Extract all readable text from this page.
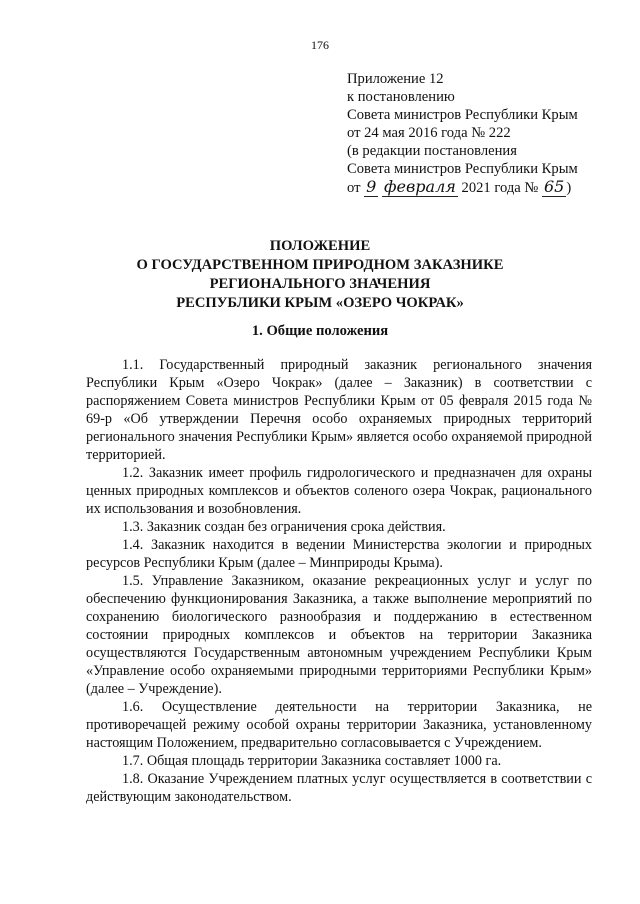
176
Приложение 12
к постановлению
Совета министров Республики Крым
от 24 мая 2016 года № 222
(в редакции постановления
Совета министров Республики Крым
от 9 февраля 2021 года № 65 )
ПОЛОЖЕНИЕ
О ГОСУДАРСТВЕННОМ ПРИРОДНОМ ЗАКАЗНИКЕ
РЕГИОНАЛЬНОГО ЗНАЧЕНИЯ
РЕСПУБЛИКИ КРЫМ «ОЗЕРО ЧОКРАК»
1. Общие положения

1.1. Государственный природный заказник регионального значения Республики Крым «Озеро Чокрак» (далее – Заказник) в соответствии с распоряжением Совета министров Республики Крым от 05 февраля 2015 года № 69-р «Об утверждении Перечня особо охраняемых природных территорий регионального значения Республики Крым» является особо охраняемой природной территорией.

1.2. Заказник имеет профиль гидрологического и предназначен для охраны ценных природных комплексов и объектов соленого озера Чокрак, рационального их использования и возобновления.

1.3. Заказник создан без ограничения срока действия.

1.4. Заказник находится в ведении Министерства экологии и природных ресурсов Республики Крым (далее – Минприроды Крыма).

1.5. Управление Заказником, оказание рекреационных услуг и услуг по обеспечению функционирования Заказника, а также выполнение мероприятий по сохранению биологического разнообразия и поддержанию в естественном состоянии природных комплексов и объектов на территории Заказника осуществляются Государственным автономным учреждением Республики Крым «Управление особо охраняемыми природными территориями Республики Крым» (далее – Учреждение).

1.6. Осуществление деятельности на территории Заказника, не противоречащей режиму особой охраны территории Заказника, установленному настоящим Положением, предварительно согласовывается с Учреждением.

1.7. Общая площадь территории Заказника составляет 1000 га.

1.8. Оказание Учреждением платных услуг осуществляется в соответствии с действующим законодательством.
